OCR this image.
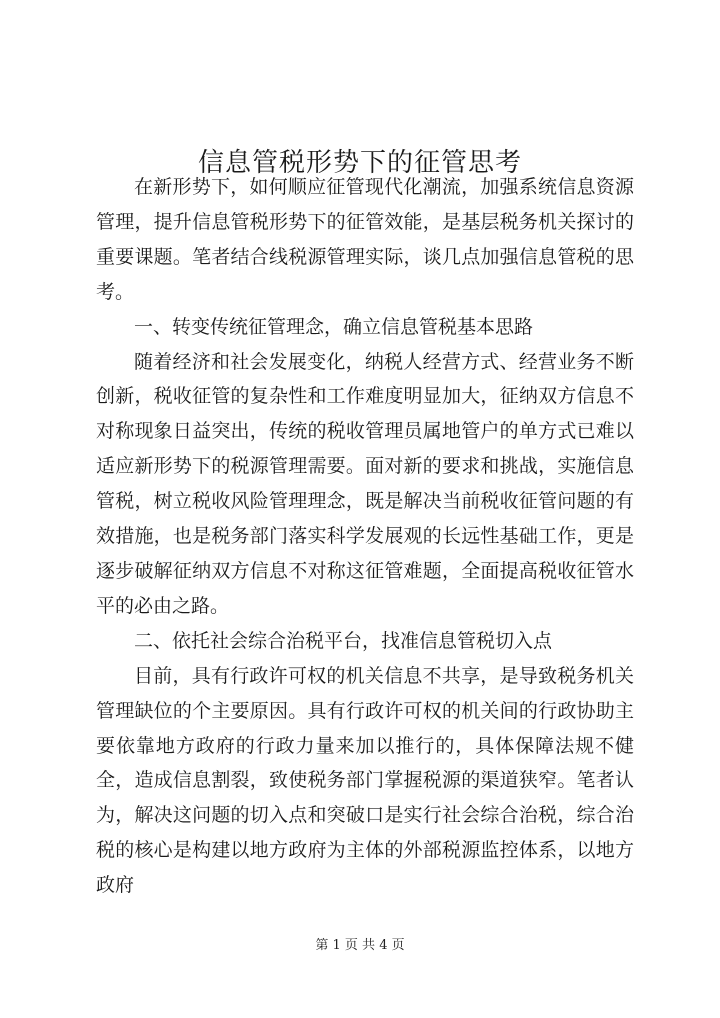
信息管税形势下的征管思考

在新形势下，如何顺应征管现代化潮流，加强系统信息资源管理，提升信息管税形势下的征管效能，是基层税务机关探讨的重要课题。笔者结合线税源管理实际，谈几点加强信息管税的思考。

一、转变传统征管理念，确立信息管税基本思路

随着经济和社会发展变化，纳税人经营方式、经营业务不断创新，税收征管的复杂性和工作难度明显加大，征纳双方信息不对称现象日益突出，传统的税收管理员属地管户的单方式已难以适应新形势下的税源管理需要。面对新的要求和挑战，实施信息管税，树立税收风险管理理念，既是解决当前税收征管问题的有效措施，也是税务部门落实科学发展观的长远性基础工作，更是逐步破解征纳双方信息不对称这征管难题，全面提高税收征管水平的必由之路。

二、依托社会综合治税平台，找准信息管税切入点

目前，具有行政许可权的机关信息不共享，是导致税务机关管理缺位的个主要原因。具有行政许可权的机关间的行政协助主要依靠地方政府的行政力量来加以推行的，具体保障法规不健全，造成信息割裂，致使税务部门掌握税源的渠道狭窄。笔者认为，解决这问题的切入点和突破口是实行社会综合治税，综合治税的核心是构建以地方政府为主体的外部税源监控体系，以地方政府

第 1 页 共 4 页
